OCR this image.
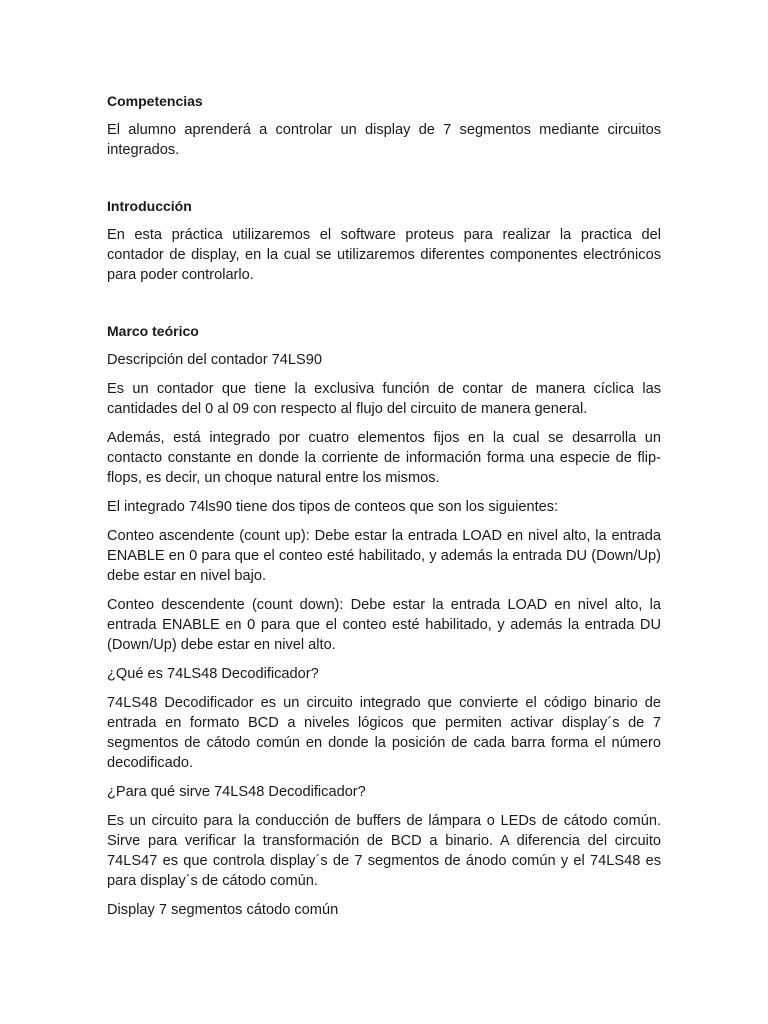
Competencias
El alumno aprenderá a controlar un display de 7 segmentos mediante circuitos integrados.
Introducción
En esta práctica utilizaremos el software proteus para realizar la practica del contador de display, en la cual se utilizaremos diferentes componentes electrónicos para poder controlarlo.
Marco teórico
Descripción del contador 74LS90
Es un contador que tiene la exclusiva función de contar de manera cíclica las cantidades del 0 al 09 con respecto al flujo del circuito de manera general.
Además, está integrado por cuatro elementos fijos en la cual se desarrolla un contacto constante en donde la corriente de información forma una especie de flip-flops, es decir, un choque natural entre los mismos.
El integrado 74ls90 tiene dos tipos de conteos que son los siguientes:
Conteo ascendente (count up): Debe estar la entrada LOAD en nivel alto, la entrada ENABLE en 0 para que el conteo esté habilitado, y además la entrada DU (Down/Up) debe estar en nivel bajo.
Conteo descendente (count down): Debe estar la entrada LOAD en nivel alto, la entrada ENABLE en 0 para que el conteo esté habilitado, y además la entrada DU (Down/Up) debe estar en nivel alto.
¿Qué es 74LS48 Decodificador?
74LS48 Decodificador es un circuito integrado que convierte el código binario de entrada en formato BCD a niveles lógicos que permiten activar display´s de 7 segmentos de cátodo común en donde la posición de cada barra forma el número decodificado.
¿Para qué sirve 74LS48 Decodificador?
Es un circuito para la conducción de buffers de lámpara o LEDs de cátodo común. Sirve para verificar la transformación de BCD a binario. A diferencia del circuito 74LS47 es que controla display´s de 7 segmentos de ánodo común y el 74LS48 es para display´s de cátodo común.
Display 7 segmentos cátodo común
